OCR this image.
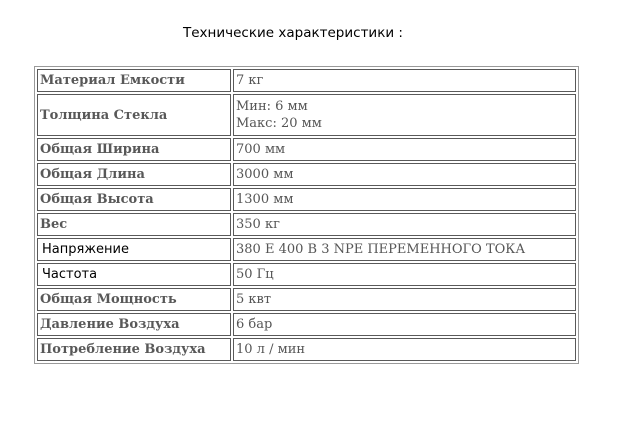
Технические характеристики :
Материал Емкости	7 кг
Толщина Стекла	Мин: 6 мм
Макс: 20 мм

Общая Ширина	700 мм
Общая Длина	3000 мм
Общая Высота	1300 мм
Вес	350 кг
Напряжение	380 E 400 B 3 NPE ПЕРЕМЕННОГО ТОКА
Частота	50 Гц
Общая Мощность	5 квт
Давление Воздуха	6 бар
Потребление Воздуха	10 л / мин
